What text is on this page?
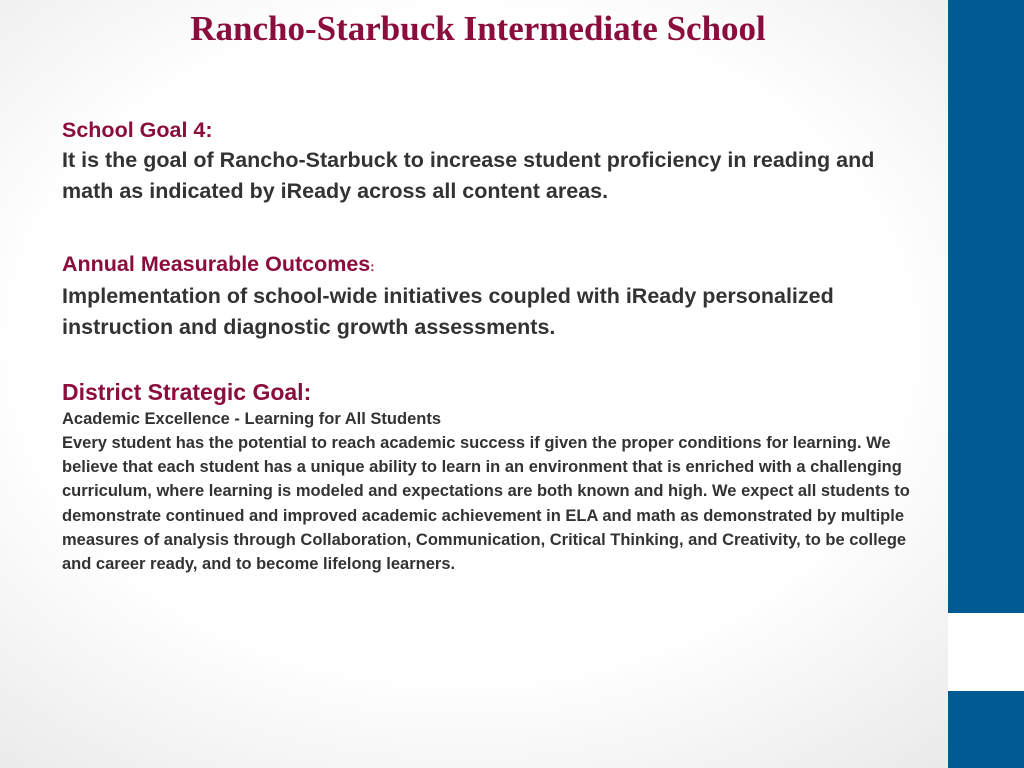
Rancho-Starbuck Intermediate School
School Goal 4:
It is the goal of Rancho-Starbuck to increase student proficiency in reading and math as indicated by iReady across all content areas.
Annual Measurable Outcomes:
Implementation of school-wide initiatives coupled with iReady personalized instruction and diagnostic growth assessments.
District Strategic Goal:
Academic Excellence - Learning for All Students
Every student has the potential to reach academic success if given the proper conditions for learning. We believe that each student has a unique ability to learn in an environment that is enriched with a challenging curriculum, where learning is modeled and expectations are both known and high. We expect all students to demonstrate continued and improved academic achievement in ELA and math as demonstrated by multiple measures of analysis through Collaboration, Communication, Critical Thinking, and Creativity, to be college and career ready, and to become lifelong learners.
